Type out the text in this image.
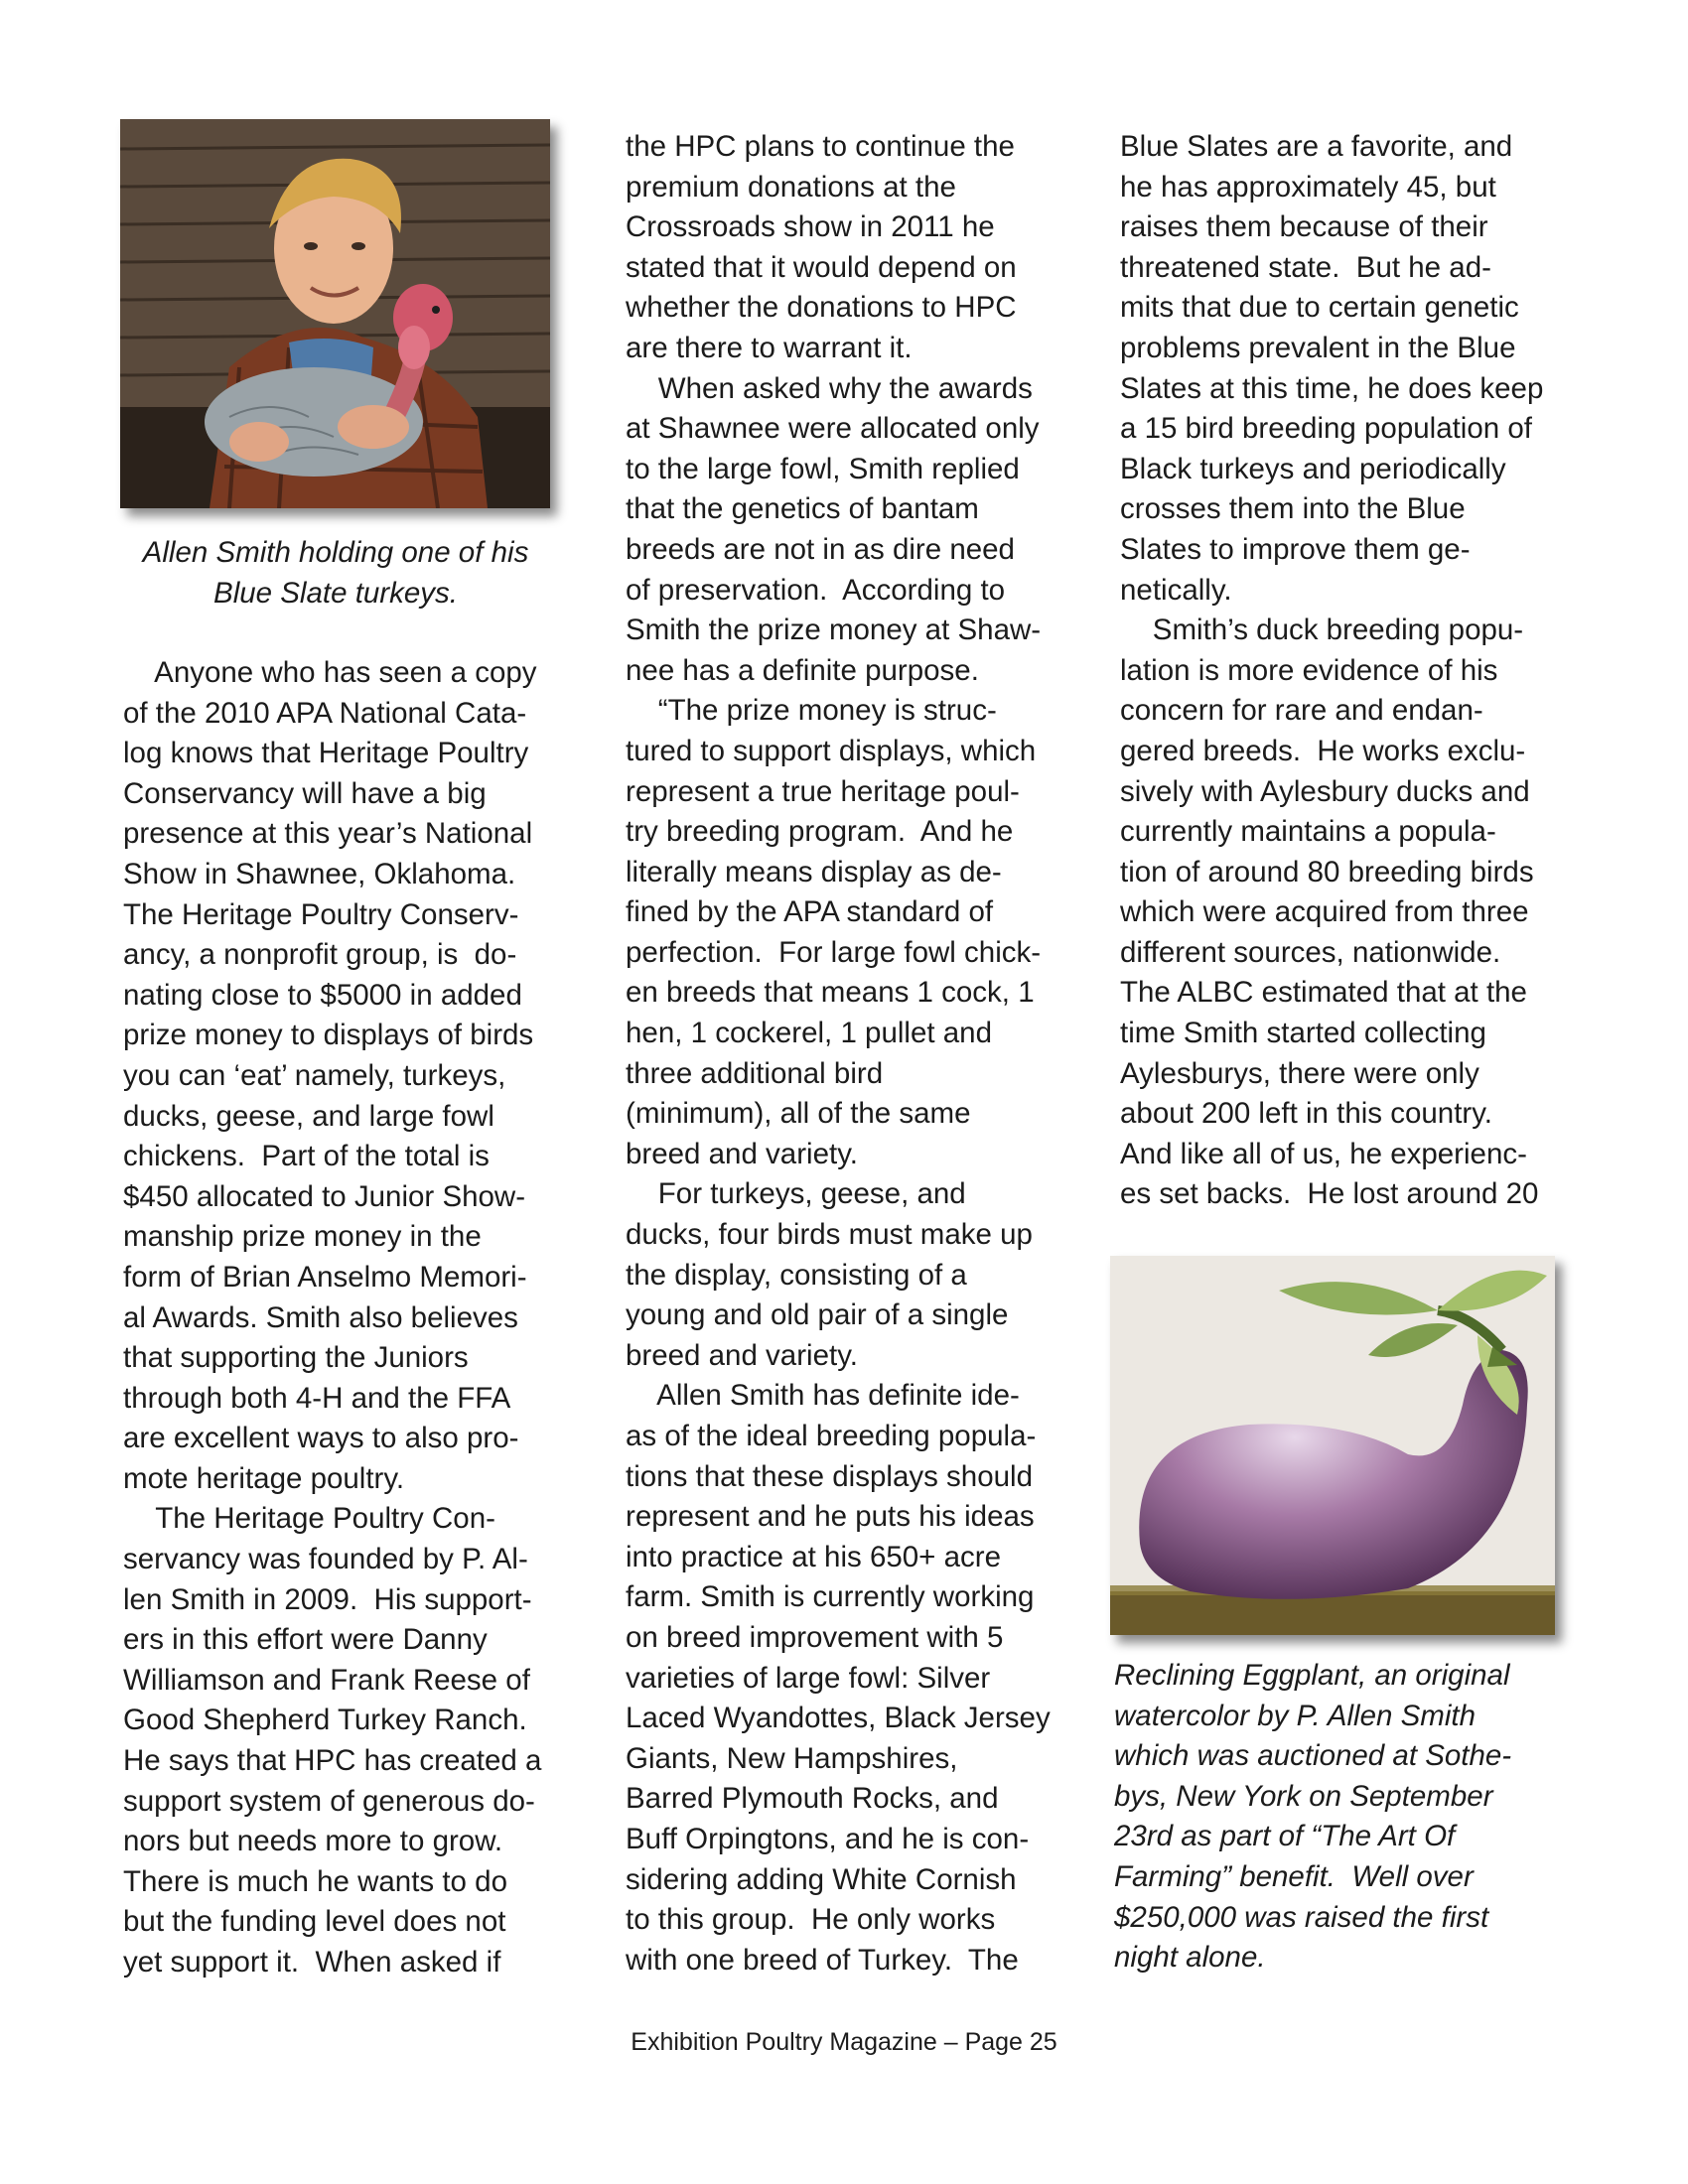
Allen Smith holding one of his
Blue Slate turkeys.
Anyone who has seen a copy
of the 2010 APA National Cata-
log knows that Heritage Poultry
Conservancy will have a big
presence at this year’s National
Show in Shawnee, Oklahoma.
The Heritage Poultry Conserv-
ancy, a nonprofit group, is  do-
nating close to $5000 in added
prize money to displays of birds
you can ‘eat’ namely, turkeys,
ducks, geese, and large fowl
chickens.  Part of the total is
$450 allocated to Junior Show-
manship prize money in the
form of Brian Anselmo Memori-
al Awards. Smith also believes
that supporting the Juniors
through both 4-H and the FFA
are excellent ways to also pro-
mote heritage poultry.
The Heritage Poultry Con-
servancy was founded by P. Al-
len Smith in 2009.  His support-
ers in this effort were Danny
Williamson and Frank Reese of
Good Shepherd Turkey Ranch.
He says that HPC has created a
support system of generous do-
nors but needs more to grow.
There is much he wants to do
but the funding level does not
yet support it.  When asked if
the HPC plans to continue the
premium donations at the
Crossroads show in 2011 he
stated that it would depend on
whether the donations to HPC
are there to warrant it.
When asked why the awards
at Shawnee were allocated only
to the large fowl, Smith replied
that the genetics of bantam
breeds are not in as dire need
of preservation.  According to
Smith the prize money at Shaw-
nee has a definite purpose.
“The prize money is struc-
tured to support displays, which
represent a true heritage poul-
try breeding program.  And he
literally means display as de-
fined by the APA standard of
perfection.  For large fowl chick-
en breeds that means 1 cock, 1
hen, 1 cockerel, 1 pullet and
three additional bird
(minimum), all of the same
breed and variety.
For turkeys, geese, and
ducks, four birds must make up
the display, consisting of a
young and old pair of a single
breed and variety.
Allen Smith has definite ide-
as of the ideal breeding popula-
tions that these displays should
represent and he puts his ideas
into practice at his 650+ acre
farm. Smith is currently working
on breed improvement with 5
varieties of large fowl: Silver
Laced Wyandottes, Black Jersey
Giants, New Hampshires,
Barred Plymouth Rocks, and
Buff Orpingtons, and he is con-
sidering adding White Cornish
to this group.  He only works
with one breed of Turkey.  The
Blue Slates are a favorite, and
he has approximately 45, but
raises them because of their
threatened state.  But he ad-
mits that due to certain genetic
problems prevalent in the Blue
Slates at this time, he does keep
a 15 bird breeding population of
Black turkeys and periodically
crosses them into the Blue
Slates to improve them ge-
netically.
Smith’s duck breeding popu-
lation is more evidence of his
concern for rare and endan-
gered breeds.  He works exclu-
sively with Aylesbury ducks and
currently maintains a popula-
tion of around 80 breeding birds
which were acquired from three
different sources, nationwide.
The ALBC estimated that at the
time Smith started collecting
Aylesburys, there were only
about 200 left in this country.
And like all of us, he experienc-
es set backs.  He lost around 20
Reclining Eggplant, an original
watercolor by P. Allen Smith
which was auctioned at Sothe-
bys, New York on September
23rd as part of “The Art Of
Farming” benefit.  Well over
$250,000 was raised the first
night alone.
Exhibition Poultry Magazine – Page 25
